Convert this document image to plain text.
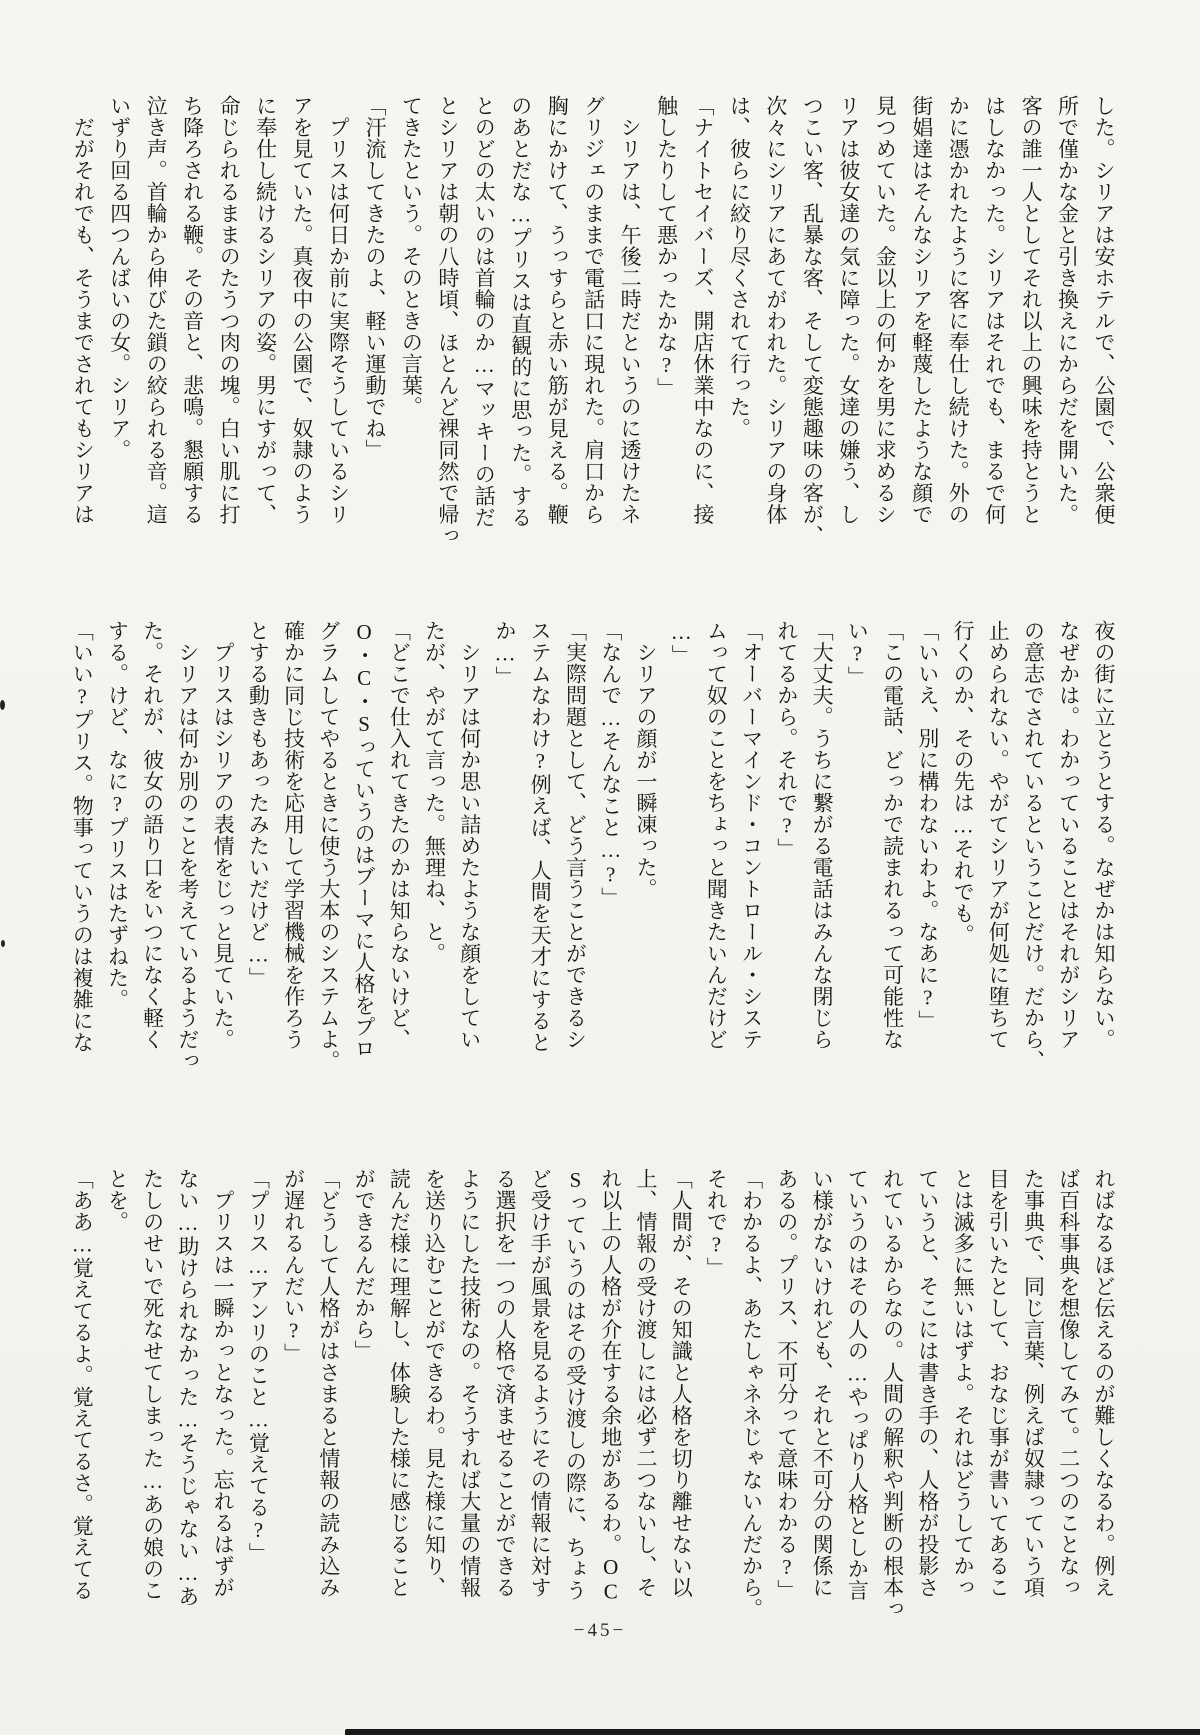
した。シリアは安ホテルで、公園で、公衆便
所で僅かな金と引き換えにからだを開いた。
客の誰一人としてそれ以上の興味を持とうと
はしなかった。シリアはそれでも、まるで何
かに憑かれたように客に奉仕し続けた。外の
街娼達はそんなシリアを軽蔑したような顔で
見つめていた。金以上の何かを男に求めるシ
リアは彼女達の気に障った。女達の嫌う、し
つこい客、乱暴な客、そして変態趣味の客が、
次々にシリアにあてがわれた。シリアの身体
は、彼らに絞り尽くされて行った。
「ナイトセイバーズ、開店休業中なのに、接
触したりして悪かったかな?」
　シリアは、午後二時だというのに透けたネ
グリジェのままで電話口に現れた。肩口から
胸にかけて、うっすらと赤い筋が見える。鞭
のあとだな…プリスは直観的に思った。する
とのどの太いのは首輪のか…マッキーの話だ
とシリアは朝の八時頃、ほとんど裸同然で帰っ
てきたという。そのときの言葉。
「汗流してきたのよ、軽い運動でね」
　プリスは何日か前に実際そうしているシリ
アを見ていた。真夜中の公園で、奴隷のよう
に奉仕し続けるシリアの姿。男にすがって、
命じられるままのたうつ肉の塊。白い肌に打
ち降ろされる鞭。その音と、悲鳴。懇願する
泣き声。首輪から伸びた鎖の絞られる音。這
いずり回る四つんばいの女。シリア。
　だがそれでも、そうまでされてもシリアは
夜の街に立とうとする。なぜかは知らない。
なぜかは。わかっていることはそれがシリア
の意志でされているということだけ。だから、
止められない。やがてシリアが何処に堕ちて
行くのか、その先は…それでも。
「いいえ、別に構わないわよ。なあに?」
「この電話、どっかで読まれるって可能性な
い?」
「大丈夫。うちに繋がる電話はみんな閉じら
れてるから。それで?」
「オーバーマインド・コントロール・システ
ムって奴のことをちょっと聞きたいんだけど
…」
　シリアの顔が一瞬凍った。
「なんで…そんなこと…?」
「実際問題として、どう言うことができるシ
ステムなわけ?例えば、人間を天才にすると
か…」
　シリアは何か思い詰めたような顔をしてい
たが、やがて言った。無理ね、と。
「どこで仕入れてきたのかは知らないけど、
O・C・Sっていうのはブーマに人格をプロ
グラムしてやるときに使う大本のシステムよ。
確かに同じ技術を応用して学習機械を作ろう
とする動きもあったみたいだけど…」
　プリスはシリアの表情をじっと見ていた。
　シリアは何か別のことを考えているようだっ
た。それが、彼女の語り口をいつになく軽く
する。けど、なに?プリスはたずねた。
「いい?プリス。物事っていうのは複雑にな
ればなるほど伝えるのが難しくなるわ。例え
ば百科事典を想像してみて。二つのことなっ
た事典で、同じ言葉、例えば奴隷っていう項
目を引いたとして、おなじ事が書いてあるこ
とは滅多に無いはずよ。それはどうしてかっ
ていうと、そこには書き手の、人格が投影さ
れているからなの。人間の解釈や判断の根本っ
ていうのはその人の…やっぱり人格としか言
い様がないけれども、それと不可分の関係に
あるの。プリス、不可分って意味わかる?」
「わかるよ、あたしゃネネじゃないんだから。
それで?」
「人間が、その知識と人格を切り離せない以
上、情報の受け渡しには必ず二つないし、そ
れ以上の人格が介在する余地があるわ。OC
Sっていうのはその受け渡しの際に、ちょう
ど受け手が風景を見るようにその情報に対す
る選択を一つの人格で済ませることができる
ようにした技術なの。そうすれば大量の情報
を送り込むことができるわ。見た様に知り、
読んだ様に理解し、体験した様に感じること
ができるんだから」
「どうして人格がはさまると情報の読み込み
が遅れるんだい?」
「プリス…アンリのこと…覚えてる?」
　プリスは一瞬かっとなった。忘れるはずが
ない…助けられなかった…そうじゃない…あ
たしのせいで死なせてしまった…あの娘のこ
とを。
「ああ…覚えてるよ。覚えてるさ。覚えてる
−45−
